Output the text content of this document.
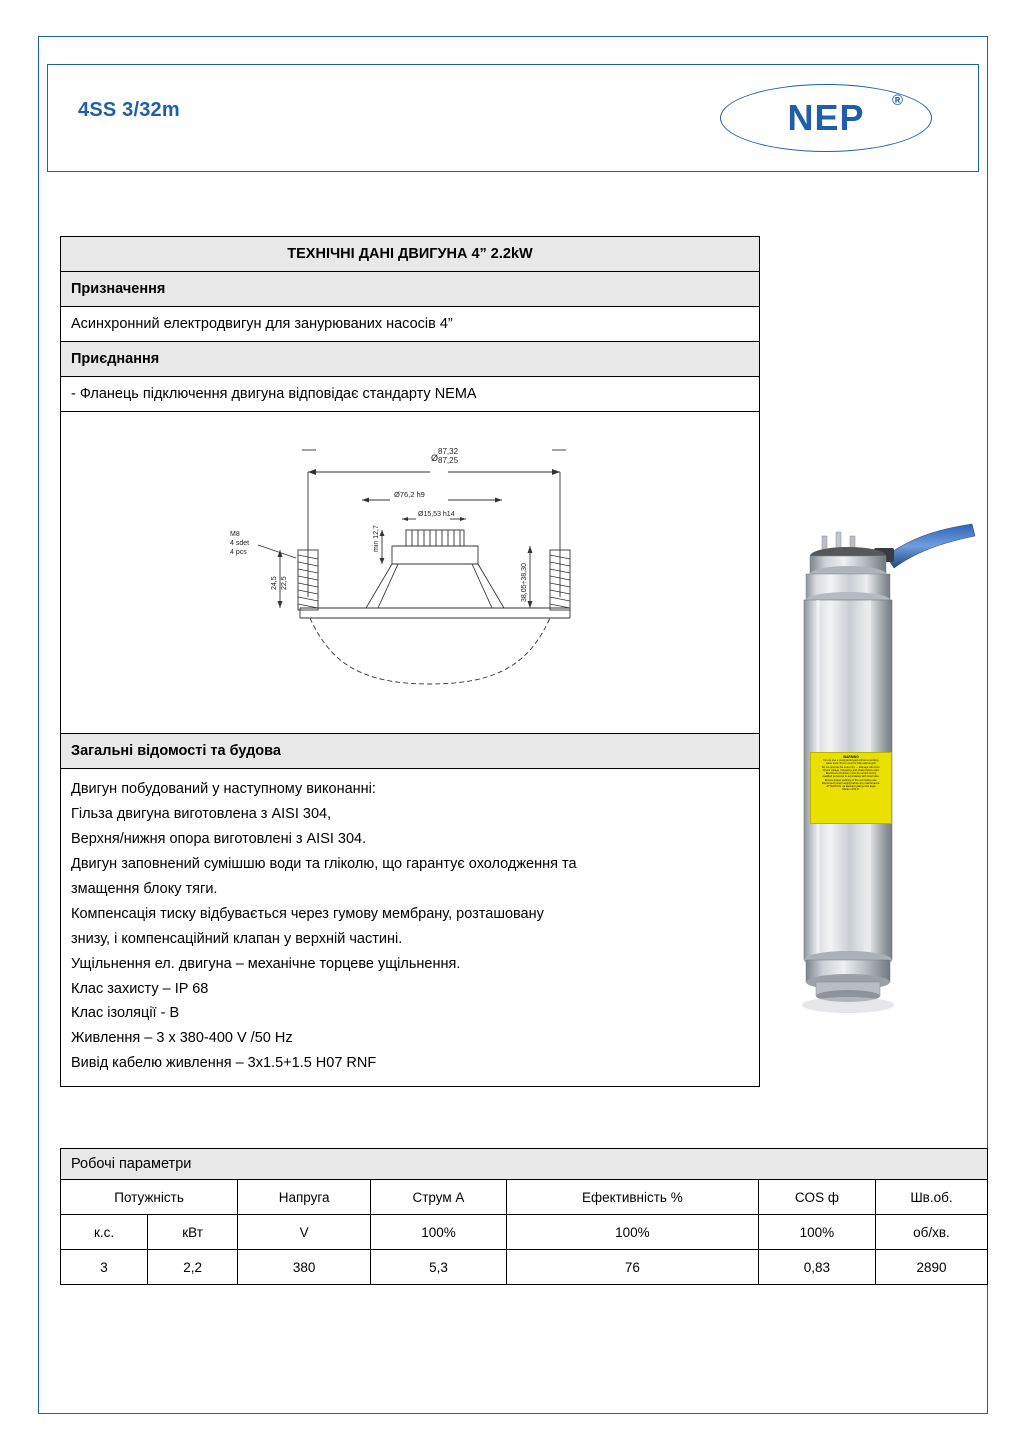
4SS 3/32m	NEP	®
ТЕХНІЧНІ ДАНІ ДВИГУНА 4” 2.2kW
Призначення
Асинхронний електродвигун для занурюваних насосів 4”
Приєднання
- Фланець підключення двигуна відповідає стандарту NEMA
87,32
87,25
Ø
Ø76,2 h9
Ø15,53 h14
min 12,7
24,5 22,5	38,05÷38,30
M8
4 sdet
4 pcs
Загальні відомості та будова
Двигун побудований у наступному виконанні:
Гільза двигуна виготовлена з AISI 304,
Верхня/нижня опора виготовлені з AISI 304.
Двигун заповнений сумішшю води та гліколю, що гарантує охолодження та
змащення блоку тяги.
Компенсація тиску відбувається через гумову мембрану, розташовану
знизу, і компенсаційний клапан у верхній частині.
Ущільнення ел. двигуна – механічне торцеве ущільнення.
Клас захисту – IP 68
Клас ізоляції - B
Живлення – 3 х 380-400 V /50 Hz
Вивід кабелю живлення – 3х1.5+1.5 H07 RNF
Робочі параметри
Потужність		Напруга	Струм А	Ефективність %	COS ф	Шв.об.
к.с.	кВт	V	100%	100%	100%	об/хв.
3	2,2	380	5,3	76	0,83	2890
WARNING
Do not use a pump prolonged without a working
water level. Pump must be fully submerged.
Do not operate the motor dry — damage will occur.
Check voltage, frequency and phase before start.
Electrical connection must be carried out by
qualified personnel in accordance with local rules.
Ensure proper earthing of the unit before use.
Disconnect power supply before any maintenance.
ATTENTION: не вмикати двигун без води
Made in P.R.C.
